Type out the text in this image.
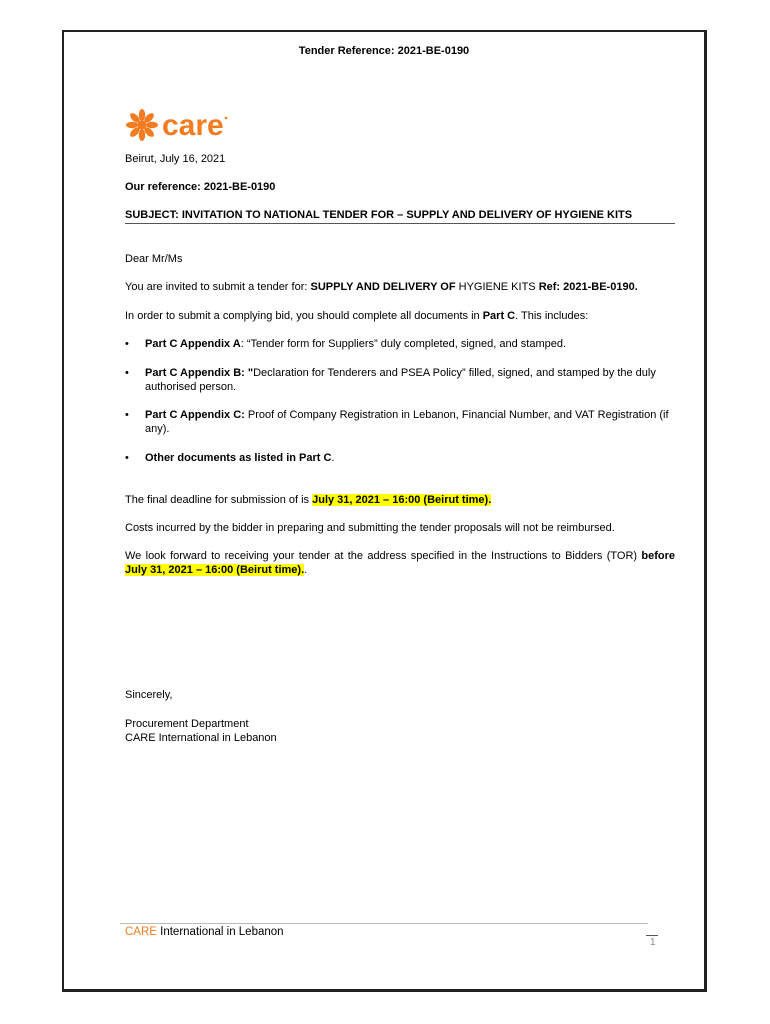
Tender Reference: 2021-BE-0190
care
Beirut, July 16, 2021
Our reference: 2021-BE-0190
SUBJECT: INVITATION TO NATIONAL TENDER FOR – SUPPLY AND DELIVERY OF HYGIENE KITS
Dear Mr/Ms
You are invited to submit a tender for: SUPPLY AND DELIVERY OF HYGIENE KITS Ref: 2021-BE-0190.
In order to submit a complying bid, you should complete all documents in Part C. This includes:
•	Part C Appendix A: “Tender form for Suppliers” duly completed, signed, and stamped.
•	Part C Appendix B: "Declaration for Tenderers and PSEA Policy” filled, signed, and stamped by the duly authorised person.
•	Part C Appendix C: Proof of Company Registration in Lebanon, Financial Number, and VAT Registration (if any).
•	Other documents as listed in Part C.
The final deadline for submission of is July 31, 2021 – 16:00 (Beirut time).
Costs incurred by the bidder in preparing and submitting the tender proposals will not be reimbursed.
We look forward to receiving your tender at the address specified in the Instructions to Bidders (TOR) before July 31, 2021 – 16:00 (Beirut time)..
Sincerely,
Procurement Department
CARE International in Lebanon
CARE International in Lebanon
1
